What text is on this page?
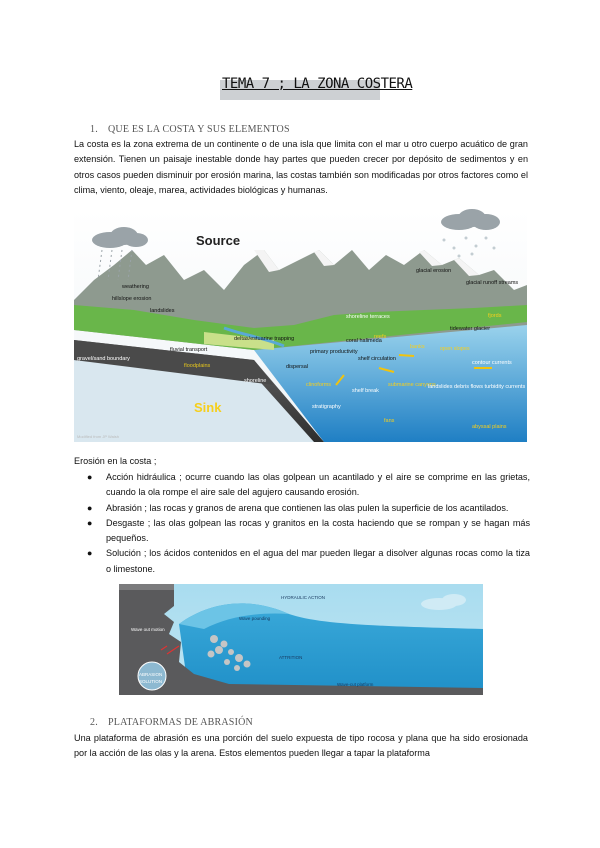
TEMA 7 ; LA ZONA COSTERA
1. QUE ES LA COSTA Y SUS ELEMENTOS
La costa es la zona extrema de un continente o de una isla que limita con el mar u otro cuerpo acuático de gran extensión. Tienen un paisaje inestable donde hay partes que pueden crecer por depósito de sedimentos y en otros casos pueden disminuir por erosión marina, las costas también son modificadas por otros factores como el clima, viento, oleaje, marea, actividades biológicas y humanas.
Source
Sink
weathering
hillslope erosion
landslides
gravel/sand boundary
deltas/estuarine trapping
fluvial transport
floodplains
primary productivity
dispersal
shoreline
clinoforms
shelf break
stratigraphy
coral halimeda
shelf circulation
submarine canyons
fans
landslides debris flows turbidity currents nepheloid layers
abyssal plains
glacial erosion
glacial runoff streams
shoreline terraces
reefs
banks	open slopes
tidewater glacier
fjords
contour currents
Modified from JP Walsh
Erosión en la costa ;
● Acción hidráulica ; ocurre cuando las olas golpean un acantilado y el aire se comprime en las grietas, cuando la ola rompe el aire sale del agujero causando erosión.
● Abrasión ; las rocas y granos de arena que contienen las olas pulen la superficie de los acantilados.
● Desgaste ; las olas golpean las rocas y granitos en la costa haciendo que se rompan y se hagan más pequeños.
● Solución ; los ácidos contenidos en el agua del mar pueden llegar a disolver algunas rocas como la tiza o limestone.
HYDRAULIC ACTION
Wave pounding
Wave out motion
ATTRITION
ABRASION
SOLUTION
Wave-cut platform
2. PLATAFORMAS DE ABRASIÓN
Una plataforma de abrasión es una porción del suelo expuesta de tipo rocosa y plana que ha sido erosionada por la acción de las olas y la arena. Estos elementos pueden llegar a tapar la plataforma
